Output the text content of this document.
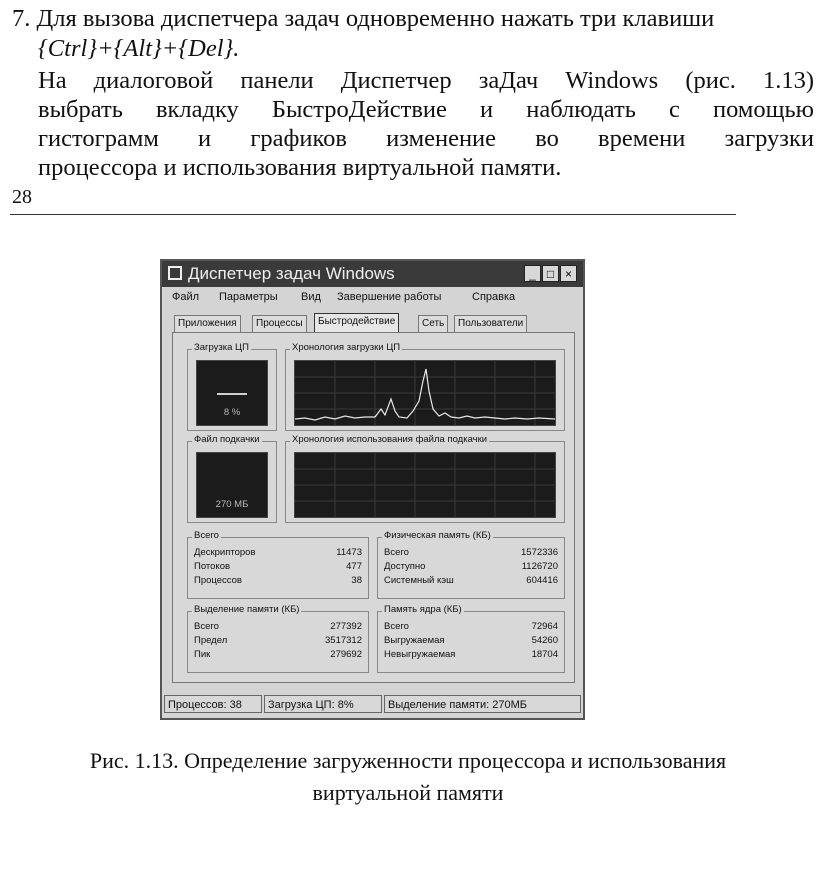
7. Для вызова диспетчера задач одновременно нажать три клавиши
{Ctrl}+{Alt}+{Del}.
На диалоговой панели Диспетчер заДач Windows (рис. 1.13)
выбрать вкладку БыстроДействие и наблюдать с помощью
гистограмм и графиков изменение во времени загрузки
процессора и использования виртуальной памяти.
28
Диспетчер задач Windows	_ □ ×
Файл Параметры Вид Завершение работы	Справка
Приложения	Процессы	Быстродействие	Сеть	Пользователи
Загрузка ЦП
8 %
Хронология загрузки ЦП
Файл подкачки
270 МБ
Хронология использования файла подкачки
Всего
Дескрипторов	11473
Потоков	477
Процессов	38
Физическая память (КБ)
Всего	1572336
Доступно	1126720
Системный кэш	604416
Выделение памяти (КБ)
Всего	277392
Предел	3517312
Пик	279692
Память ядра (КБ)
Всего	72964
Выгружаемая	54260
Невыгружаемая	18704
Процессов: 38	Загрузка ЦП: 8%	Выделение памяти: 270МБ
Рис. 1.13. Определение загруженности процессора и использования
виртуальной памяти
